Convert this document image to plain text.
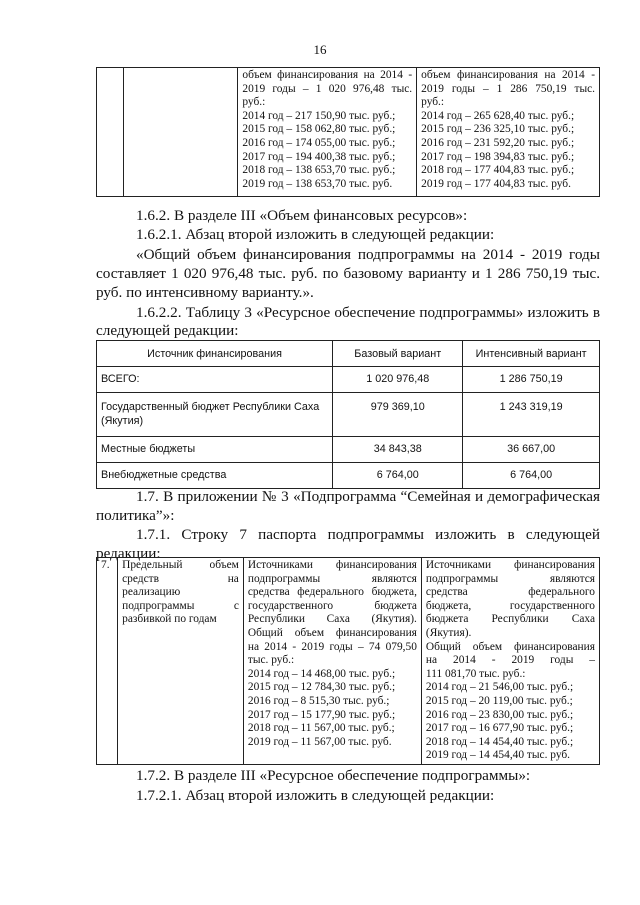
16

объем финансирования на 2014 -
2019 годы – 1 020 976,48 тыс.
руб.:
2014 год – 217 150,90 тыс. руб.;
2015 год – 158 062,80 тыс. руб.;
2016 год – 174 055,00 тыс. руб.;
2017 год – 194 400,38 тыс. руб.;
2018 год – 138 653,70 тыс. руб.;
2019 год – 138 653,70 тыс. руб.

объем финансирования на 2014 -
2019 годы – 1 286 750,19 тыс.
руб.:
2014 год – 265 628,40 тыс. руб.;
2015 год – 236 325,10 тыс. руб.;
2016 год – 231 592,20 тыс. руб.;
2017 год – 198 394,83 тыс. руб.;
2018 год – 177 404,83 тыс. руб.;
2019 год – 177 404,83 тыс. руб.
1.6.2. В разделе III «Объем финансовых ресурсов»:
1.6.2.1. Абзац второй изложить в следующей редакции:
«Общий объем финансирования подпрограммы на 2014 - 2019 годы
составляет 1 020 976,48 тыс. руб. по базовому варианту и 1 286 750,19 тыс.
руб. по интенсивному варианту.».
1.6.2.2. Таблицу 3 «Ресурсное обеспечение подпрограммы» изложить в
следующей редакции:
Источник финансирования	Базовый вариант	Интенсивный вариант
ВСЕГО:	1 020 976,48	1 286 750,19
Государственный бюджет Республики Саха (Якутия)	979 369,10	1 243 319,19
Местные бюджеты	34 843,38	36 667,00
Внебюджетные средства	6 764,00	6 764,00
1.7. В приложении № 3 «Подпрограмма “Семейная и демографическая
политика”»:
1.7.1. Строку 7 паспорта подпрограммы изложить в следующей
редакции:
7.	Предельный объем
средств на
реализацию
подпрограммы с
разбивкой по годам

Источниками финансирования
подпрограммы являются
средства федерального бюджета,
государственного бюджета
Республики Саха (Якутия).
Общий объем финансирования
на 2014 - 2019 годы – 74 079,50
тыс. руб.:
2014 год – 14 468,00 тыс. руб.;
2015 год – 12 784,30 тыс. руб.;
2016 год – 8 515,30 тыс. руб.;
2017 год – 15 177,90 тыс. руб.;
2018 год – 11 567,00 тыс. руб.;
2019 год – 11 567,00 тыс. руб.

Источниками финансирования
подпрограммы являются
средства федерального
бюджета, государственного
бюджета Республики Саха
(Якутия).
Общий объем финансирования
на 2014 - 2019 годы –
111 081,70 тыс. руб.:
2014 год – 21 546,00 тыс. руб.;
2015 год – 20 119,00 тыс. руб.;
2016 год – 23 830,00 тыс. руб.;
2017 год – 16 677,90 тыс. руб.;
2018 год – 14 454,40 тыс. руб.;
2019 год – 14 454,40 тыс. руб.
1.7.2. В разделе III «Ресурсное обеспечение подпрограммы»:
1.7.2.1. Абзац второй изложить в следующей редакции:
